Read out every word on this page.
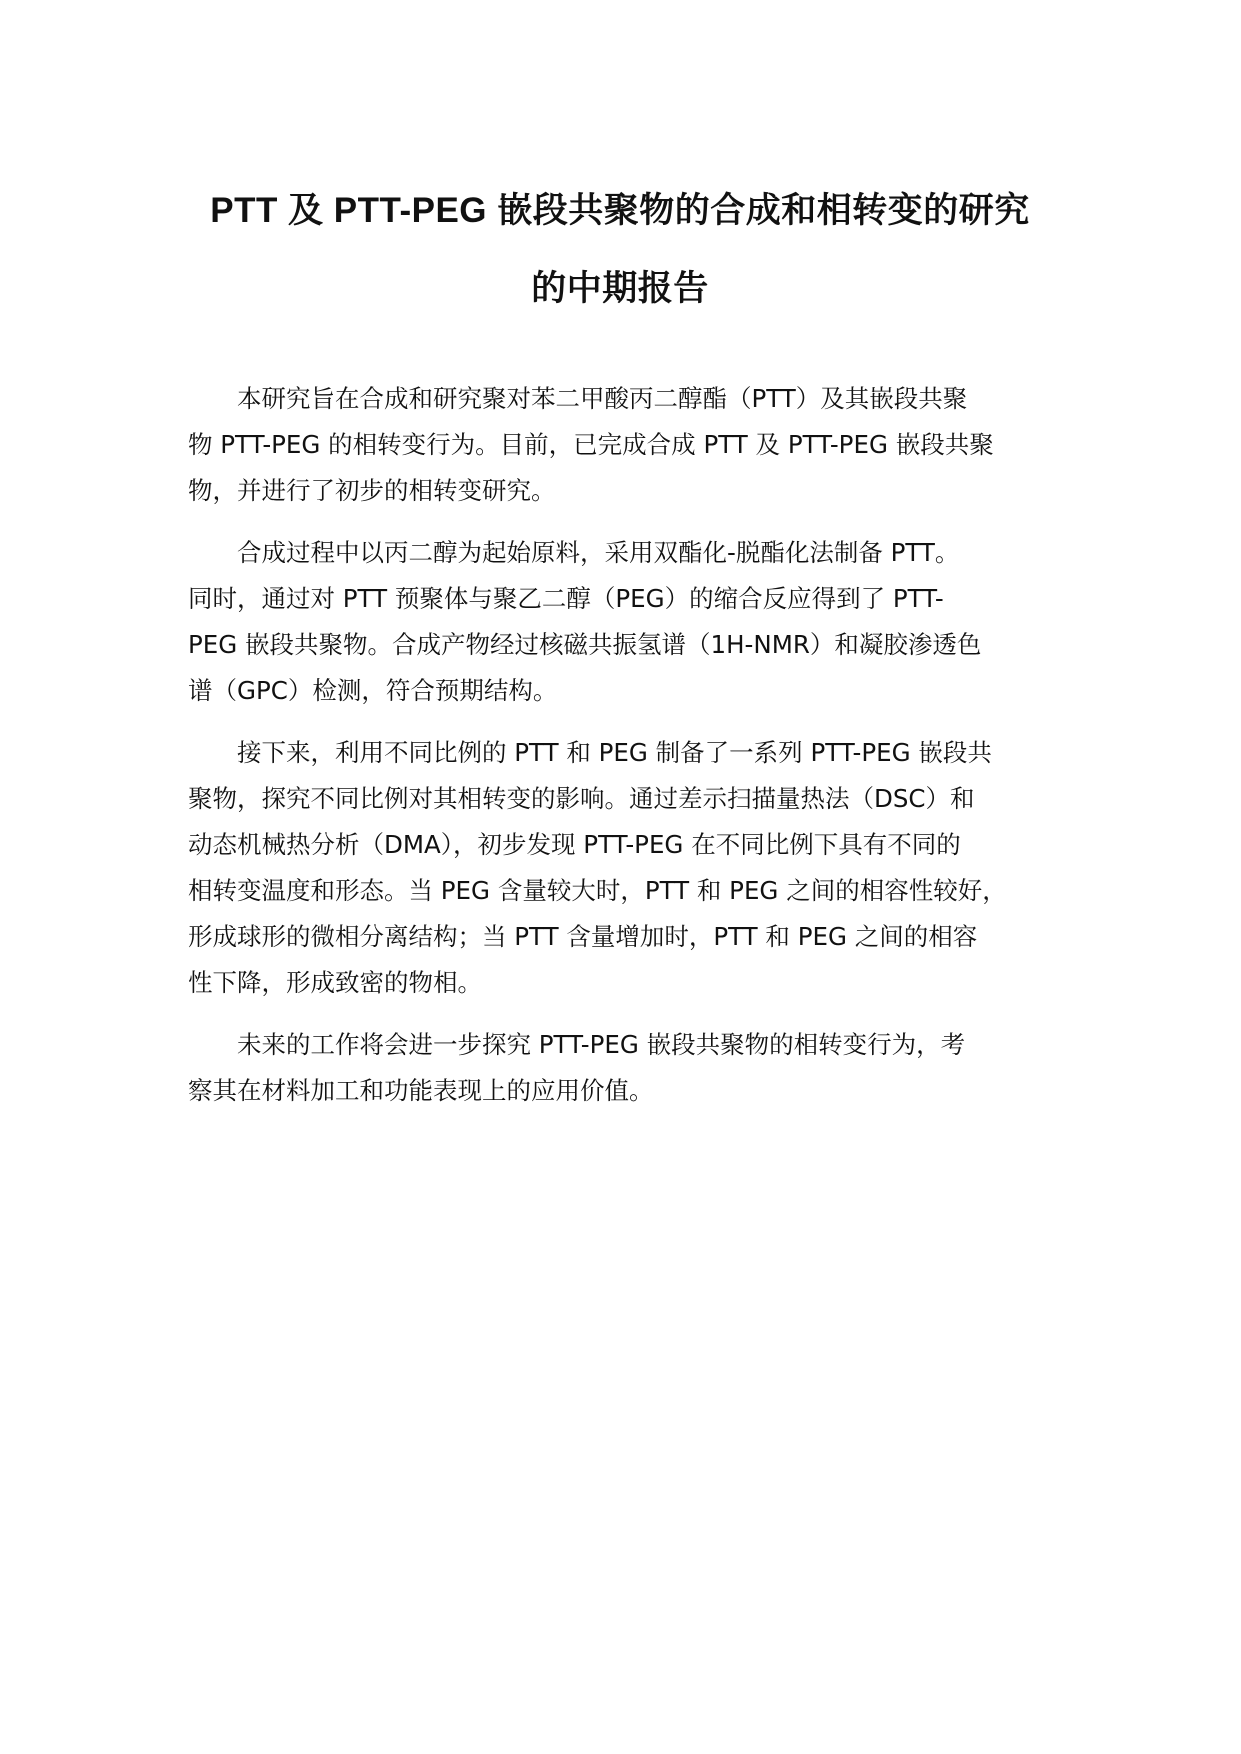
PTT 及 PTT-PEG 嵌段共聚物的合成和相转变的研究
的中期报告

本研究旨在合成和研究聚对苯二甲酸丙二醇酯（PTT）及其嵌段共聚
物 PTT-PEG 的相转变行为。目前，已完成合成 PTT 及 PTT-PEG 嵌段共聚
物，并进行了初步的相转变研究。

合成过程中以丙二醇为起始原料，采用双酯化-脱酯化法制备 PTT。
同时，通过对 PTT 预聚体与聚乙二醇（PEG）的缩合反应得到了 PTT-
PEG 嵌段共聚物。合成产物经过核磁共振氢谱（1H-NMR）和凝胶渗透色
谱（GPC）检测，符合预期结构。

接下来，利用不同比例的 PTT 和 PEG 制备了一系列 PTT-PEG 嵌段共
聚物，探究不同比例对其相转变的影响。通过差示扫描量热法（DSC）和
动态机械热分析（DMA），初步发现 PTT-PEG 在不同比例下具有不同的
相转变温度和形态。当 PEG 含量较大时，PTT 和 PEG 之间的相容性较好，
形成球形的微相分离结构；当 PTT 含量增加时，PTT 和 PEG 之间的相容
性下降，形成致密的物相。

未来的工作将会进一步探究 PTT-PEG 嵌段共聚物的相转变行为，考
察其在材料加工和功能表现上的应用价值。
